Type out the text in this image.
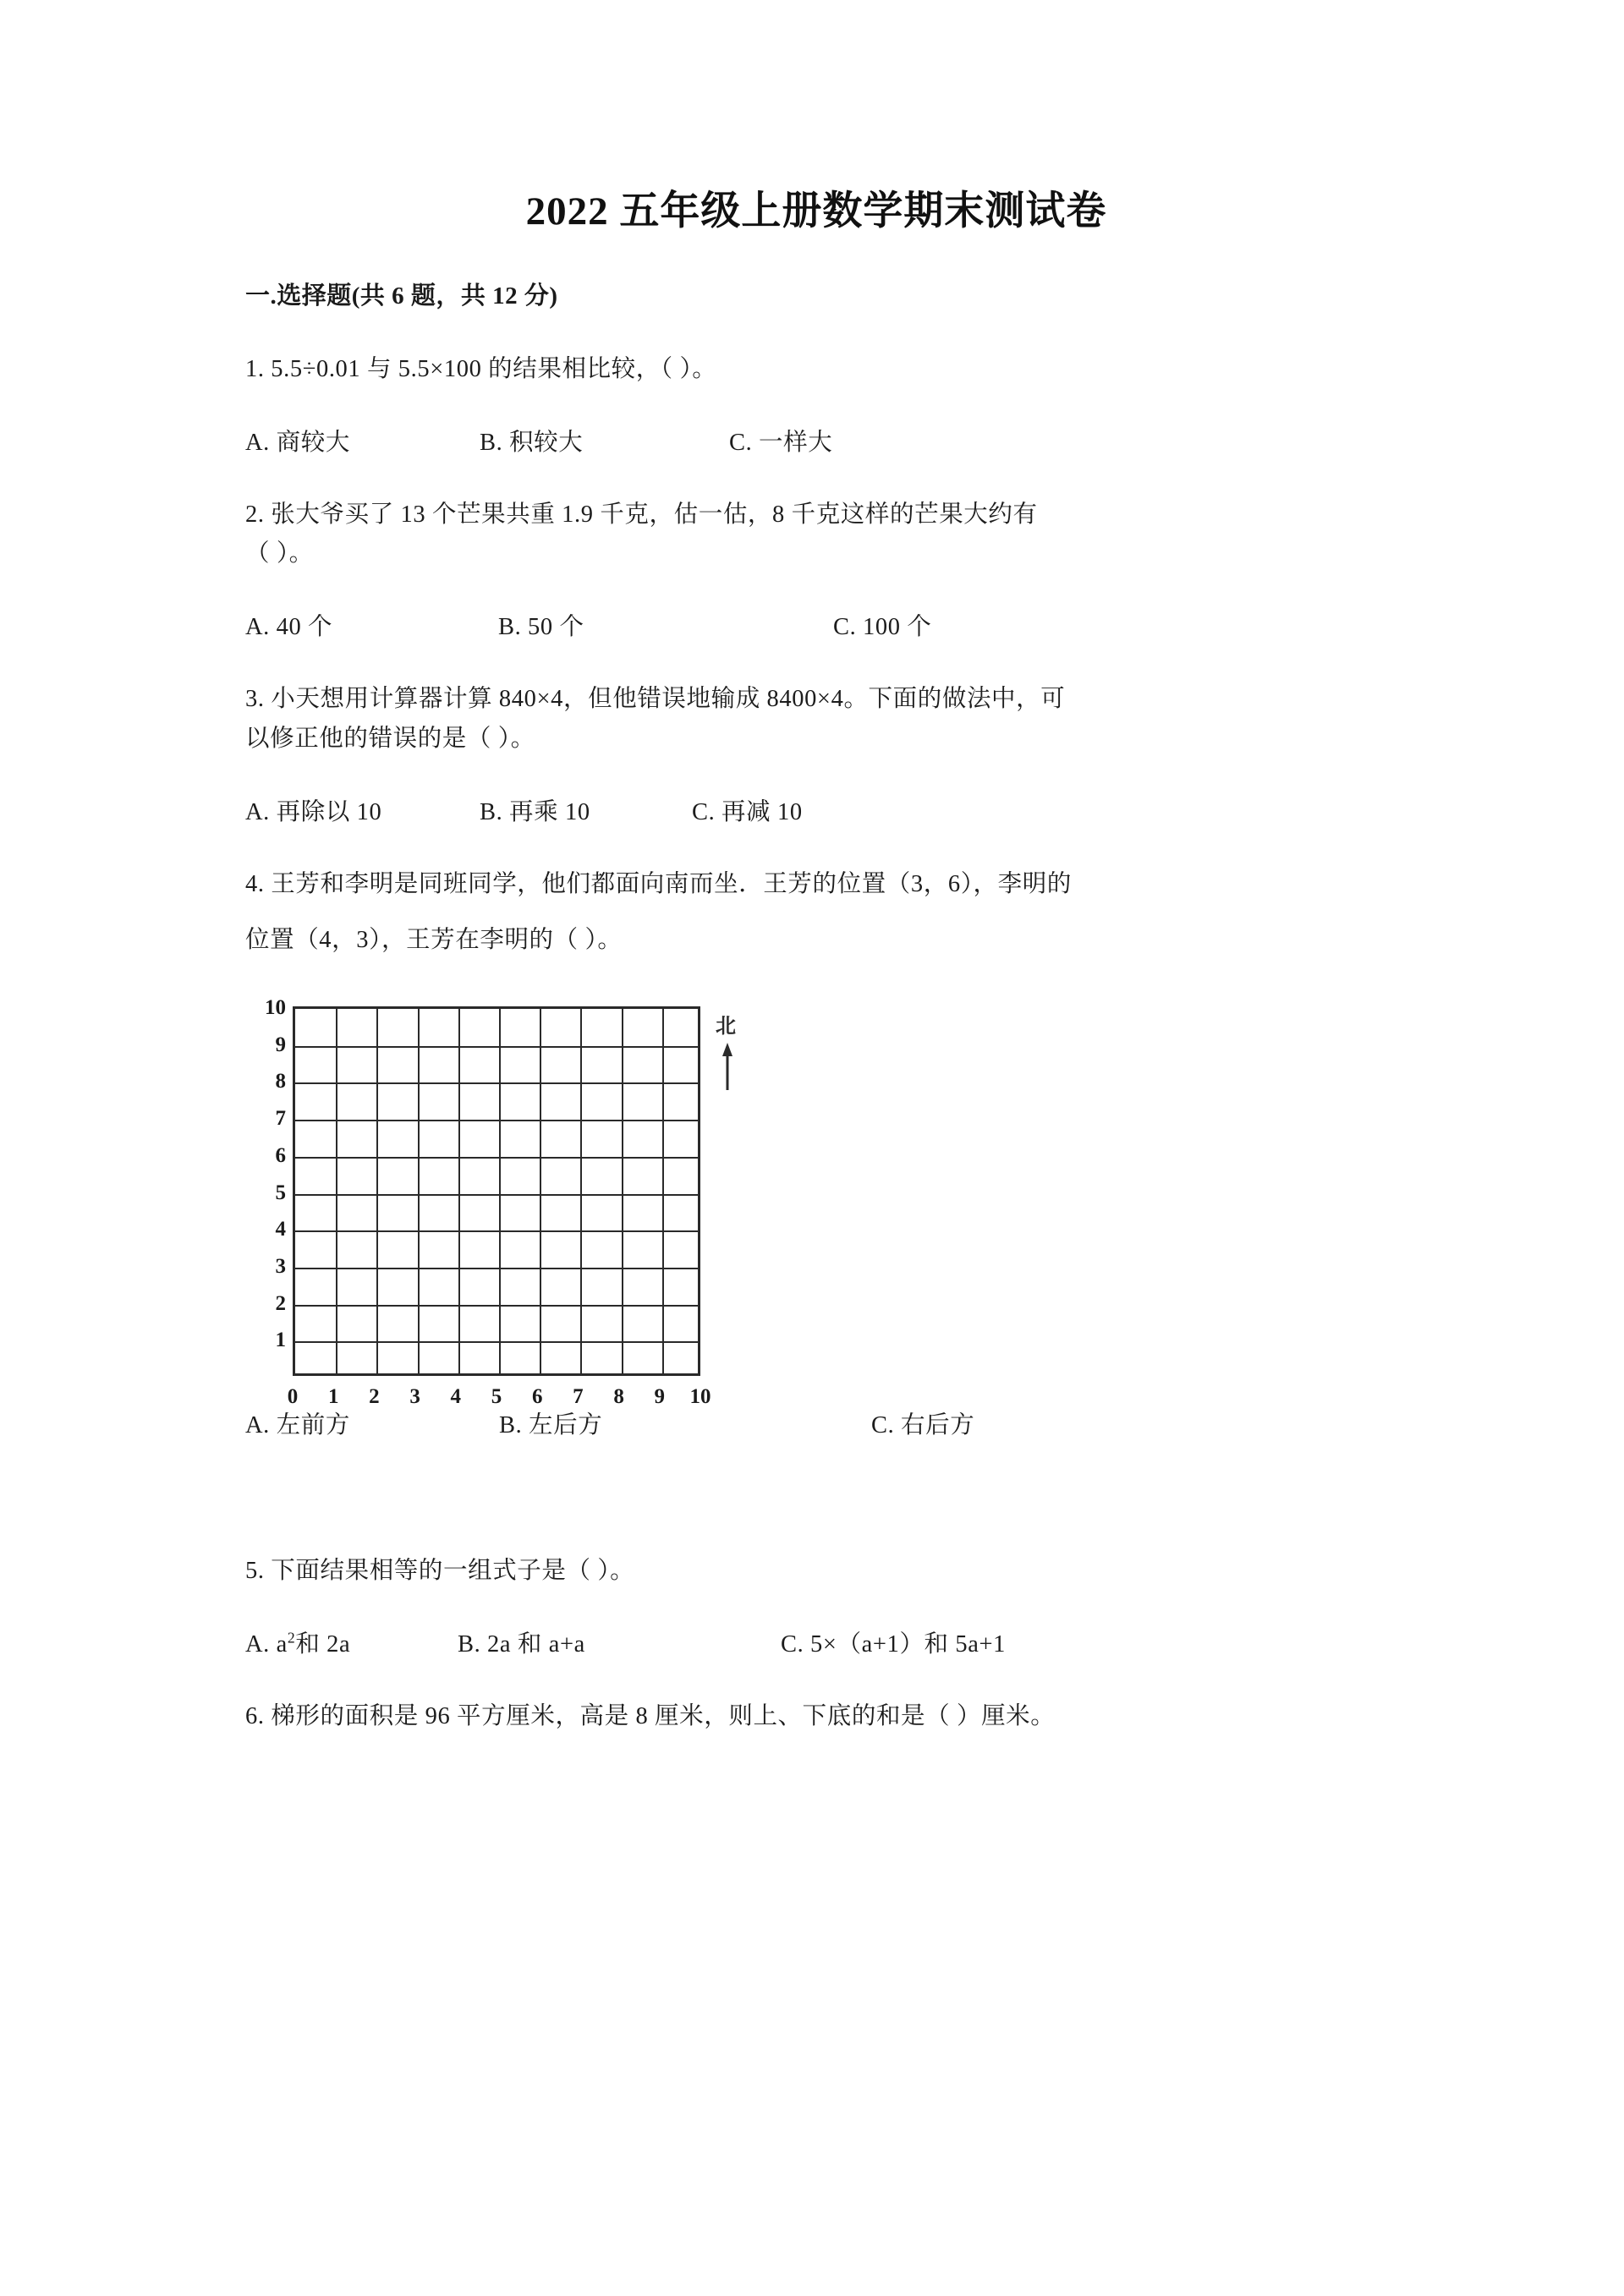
2022 五年级上册数学期末测试卷
一.选择题(共 6 题，共 12 分)
1. 5.5÷0.01 与 5.5×100 的结果相比较，（ ）。
A. 商较大	B. 积较大	C. 一样大
2. 张大爷买了 13 个芒果共重 1.9 千克，估一估，8 千克这样的芒果大约有
（ ）。
A. 40 个	B. 50 个	C. 100 个
3. 小天想用计算器计算 840×4，但他错误地输成 8400×4。下面的做法中，可
以修正他的错误的是（ ）。
A. 再除以 10	B. 再乘 10	C. 再减 10
4. 王芳和李明是同班同学，他们都面向南而坐．王芳的位置（3，6），李明的
位置（4，3），王芳在李明的（ ）。
1
2
3
4
5
6
7
8
9
10
0	1	2	3	4	5	6	7	8	9	10
北
A. 左前方	B. 左后方	C. 右后方
5. 下面结果相等的一组式子是（ ）。
A. $a^2$和 2a	B. 2a 和 a+a	C. 5×（a+1）和 5a+1
6. 梯形的面积是 96 平方厘米，高是 8 厘米，则上、下底的和是（ ）厘米。
